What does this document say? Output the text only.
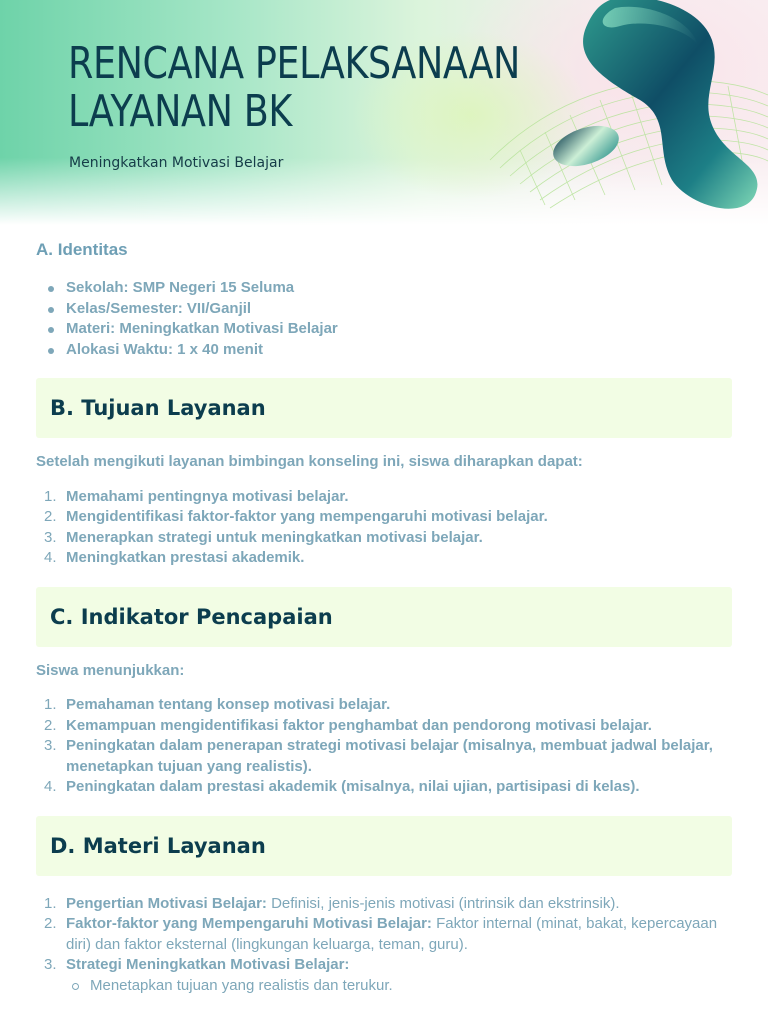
RENCANA PELAKSANAAN
LAYANAN BK
Meningkatkan Motivasi Belajar
A. Identitas
Sekolah: SMP Negeri 15 Seluma
Kelas/Semester: VII/Ganjil
Materi: Meningkatkan Motivasi Belajar
Alokasi Waktu: 1 x 40 menit
B. Tujuan Layanan

Setelah mengikuti layanan bimbingan konseling ini, siswa diharapkan dapat:

1. Memahami pentingnya motivasi belajar.
2. Mengidentifikasi faktor-faktor yang mempengaruhi motivasi belajar.
3. Menerapkan strategi untuk meningkatkan motivasi belajar.
4. Meningkatkan prestasi akademik.
C. Indikator Pencapaian

Siswa menunjukkan:

1. Pemahaman tentang konsep motivasi belajar.
2. Kemampuan mengidentifikasi faktor penghambat dan pendorong motivasi belajar.
3. Peningkatan dalam penerapan strategi motivasi belajar (misalnya, membuat jadwal belajar, menetapkan tujuan yang realistis).
4. Peningkatan dalam prestasi akademik (misalnya, nilai ujian, partisipasi di kelas).
D. Materi Layanan
1. Pengertian Motivasi Belajar: Definisi, jenis-jenis motivasi (intrinsik dan ekstrinsik).
2. Faktor-faktor yang Mempengaruhi Motivasi Belajar: Faktor internal (minat, bakat, kepercayaan diri) dan faktor eksternal (lingkungan keluarga, teman, guru).
3. Strategi Meningkatkan Motivasi Belajar:
Menetapkan tujuan yang realistis dan terukur.
